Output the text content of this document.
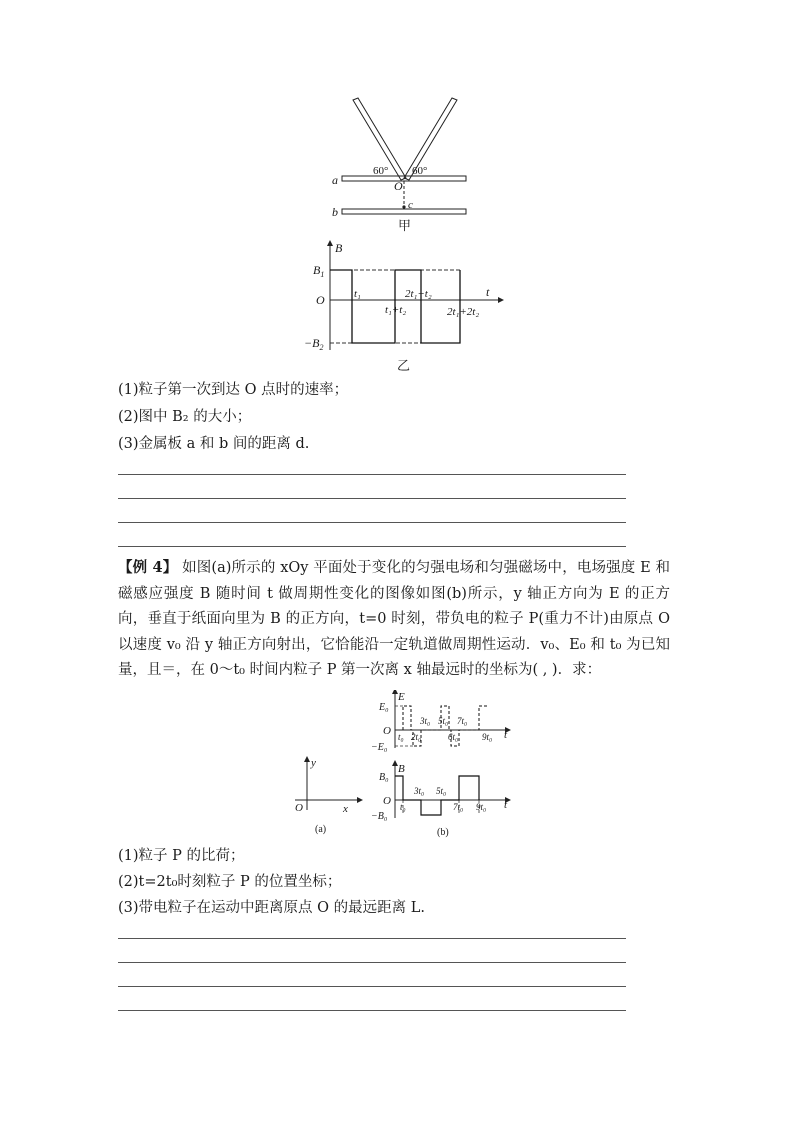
a
b
O
c
60° 60°
甲
B
t
O
$B_1$
$-B_2$
t₁	2t₁+t₂
t₁+t₂	2t₁+2t₂
乙
(1)粒子第一次到达 O 点时的速率；
(2)图中 B₂ 的大小；
(3)金属板 a 和 b 间的距离 d.
【例 4】 如图(a)所示的 xOy 平面处于变化的匀强电场和匀强磁场中，电场强度 E 和磁感应强度 B 随时间 t 做周期性变化的图像如图(b)所示，y 轴正方向为 E 的正方向，垂直于纸面向里为 B 的正方向，t=0 时刻，带负电的粒子 P(重力不计)由原点 O 以速度 v₀ 沿 y 轴正方向射出，它恰能沿一定轨道做周期性运动．v₀、E₀ 和 t₀ 为已知量，且＝，在 0～t₀ 时间内粒子 P 第一次离 x 轴最远时的坐标为( , )．求：
y
x
O
(a)
E
E₀
−E₀
O	t
t₀ 2t₀
3t₀ 5t₀
6t₀
7t₀
9t₀
B
B₀
−B₀
O	t
t₀
3t₀ 5t₀
7t₀ 9t₀
(b)
(1)粒子 P 的比荷；
(2)t=2t₀时刻粒子 P 的位置坐标；
(3)带电粒子在运动中距离原点 O 的最远距离 L.
